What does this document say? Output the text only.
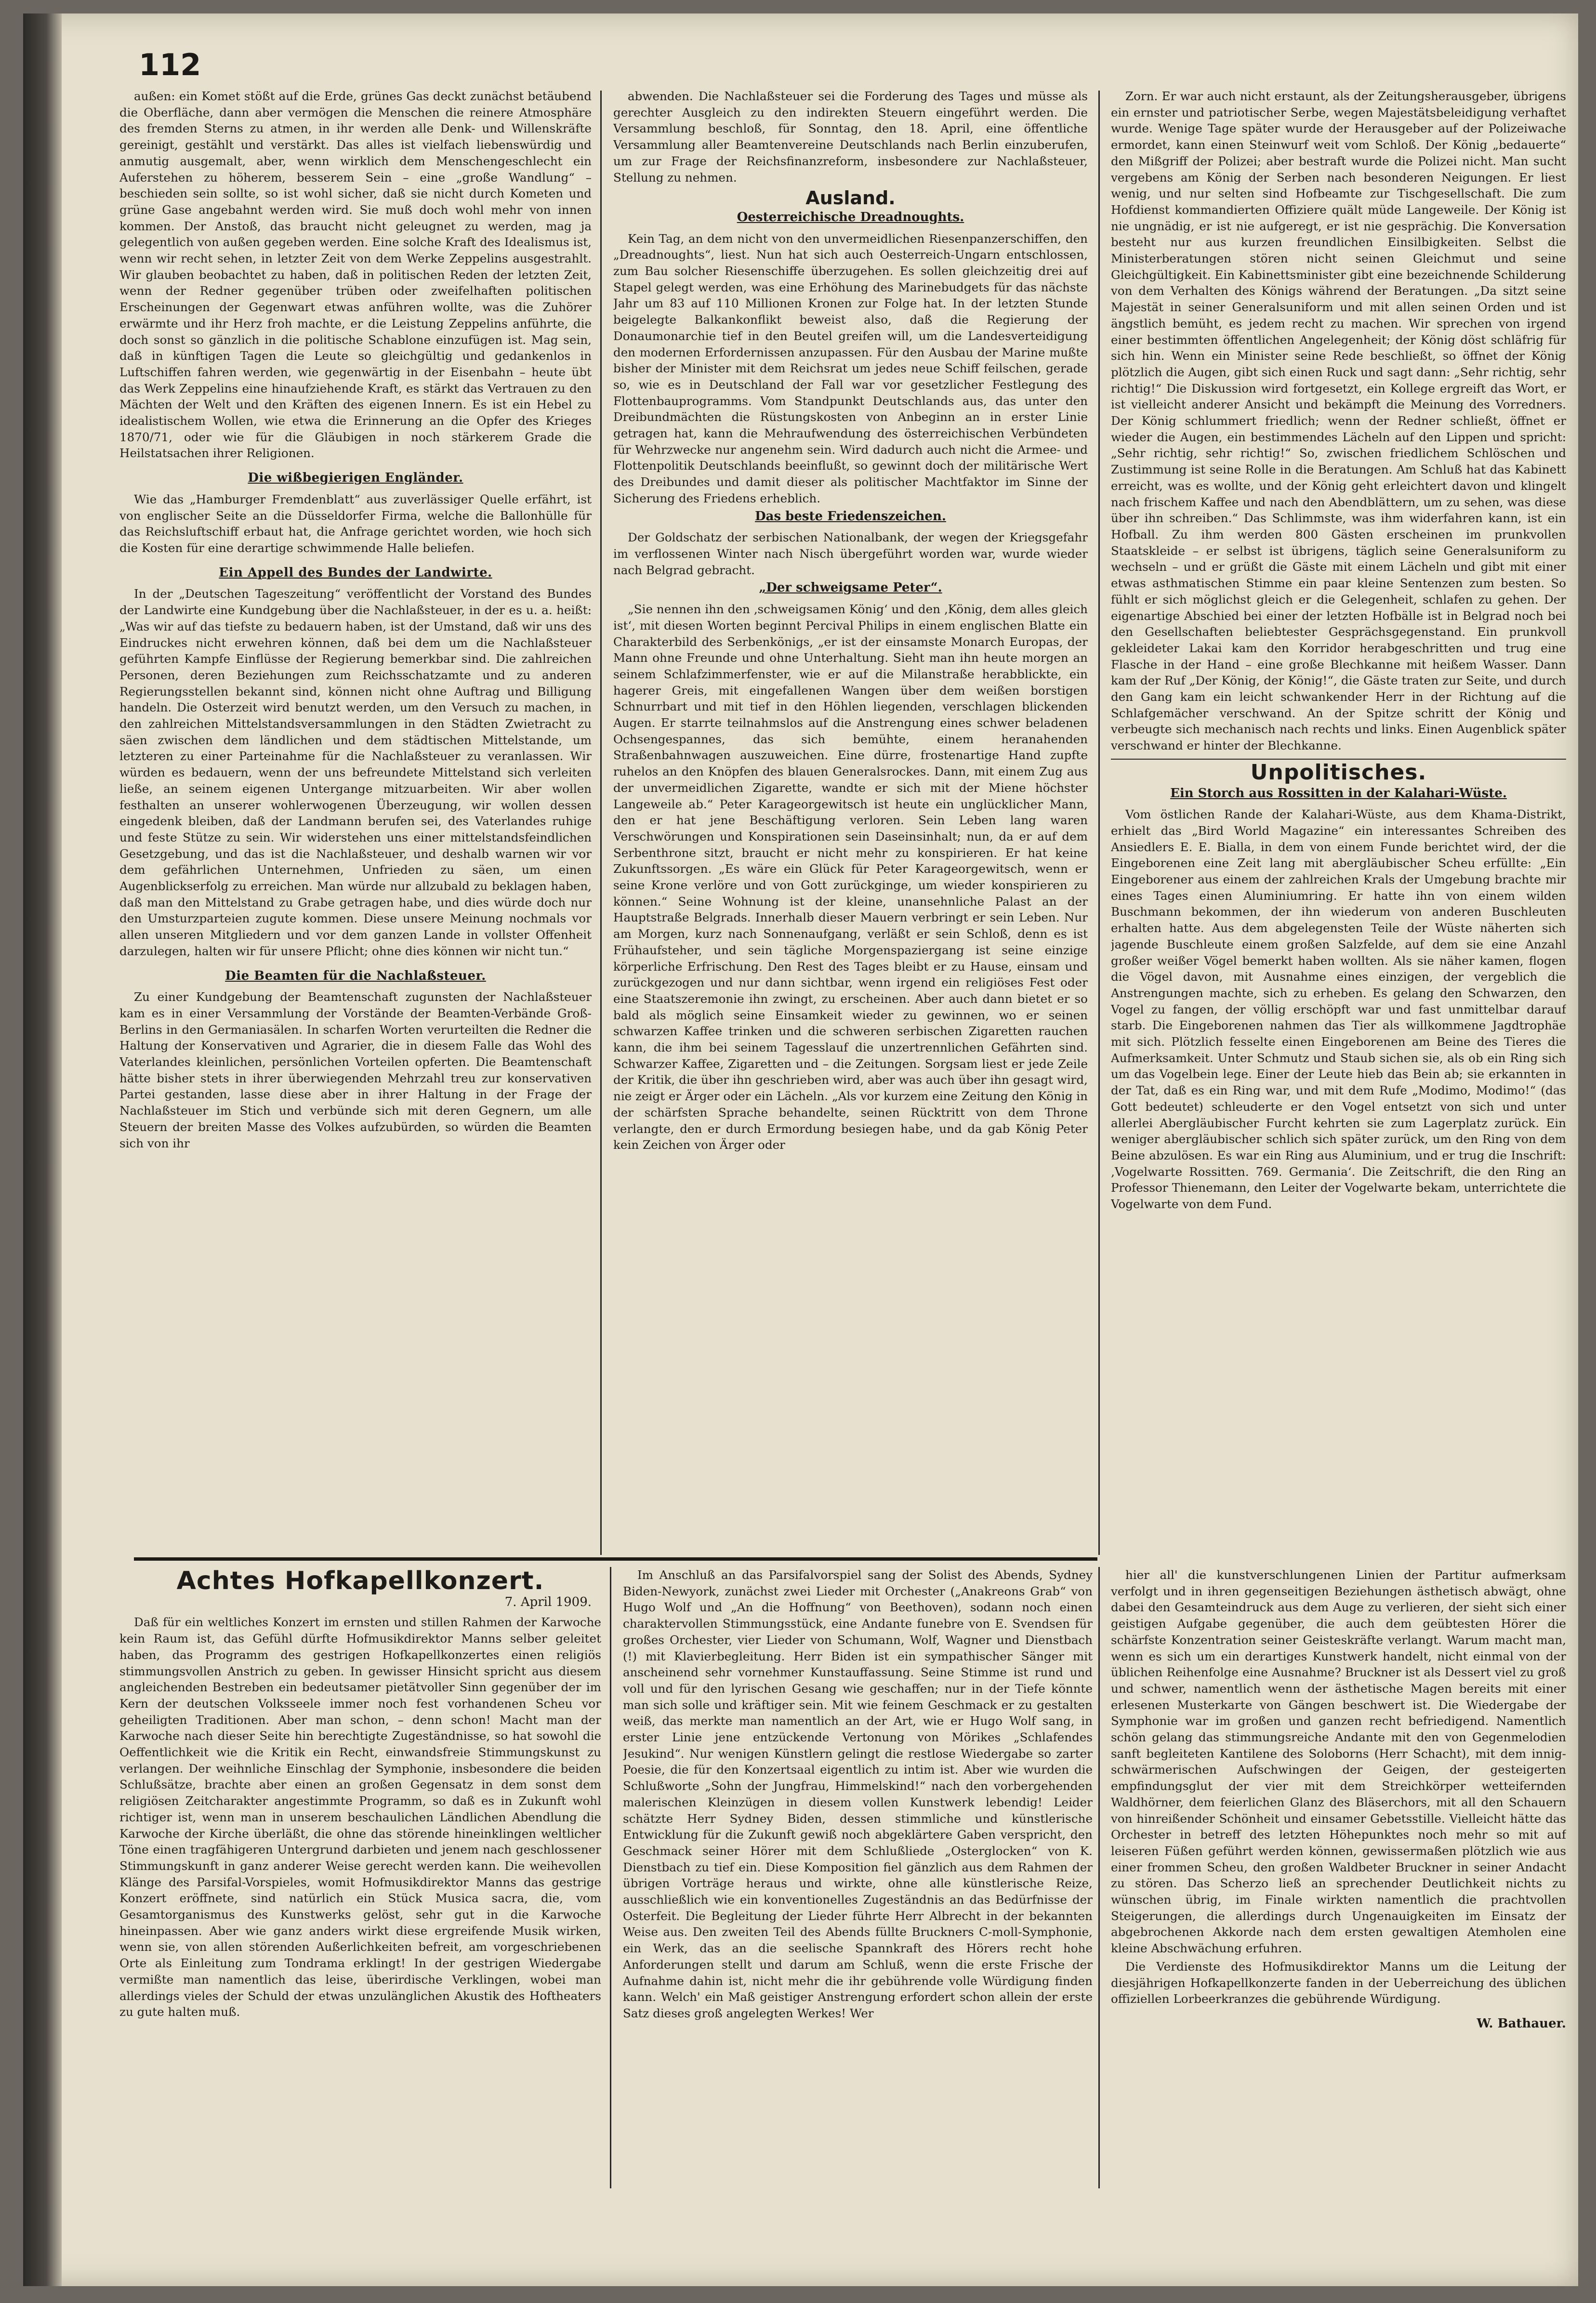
112

außen: ein Komet stößt auf die Erde, grünes Gas deckt zunächst betäubend die Oberfläche, dann aber vermögen die Menschen die reinere Atmosphäre des fremden Sterns zu atmen, in ihr werden alle Denk- und Willenskräfte gereinigt, gestählt und verstärkt. Das alles ist vielfach liebenswürdig und anmutig ausgemalt, aber, wenn wirklich dem Menschengeschlecht ein Auferstehen zu höherem, besserem Sein – eine „große Wandlung“ – beschieden sein sollte, so ist wohl sicher, daß sie nicht durch Kometen und grüne Gase angebahnt werden wird. Sie muß doch wohl mehr von innen kommen. Der Anstoß, das braucht nicht geleugnet zu werden, mag ja gelegentlich von außen gegeben werden. Eine solche Kraft des Idealismus ist, wenn wir recht sehen, in letzter Zeit von dem Werke Zeppelins ausgestrahlt. Wir glauben beobachtet zu haben, daß in politischen Reden der letzten Zeit, wenn der Redner gegenüber trüben oder zweifelhaften politischen Erscheinungen der Gegenwart etwas anführen wollte, was die Zuhörer erwärmte und ihr Herz froh machte, er die Leistung Zeppelins anführte, die doch sonst so gänzlich in die politische Schablone einzufügen ist. Mag sein, daß in künftigen Tagen die Leute so gleichgültig und gedankenlos in Luftschiffen fahren werden, wie gegenwärtig in der Eisenbahn – heute übt das Werk Zeppelins eine hinaufziehende Kraft, es stärkt das Vertrauen zu den Mächten der Welt und den Kräften des eigenen Innern. Es ist ein Hebel zu idealistischem Wollen, wie etwa die Erinnerung an die Opfer des Krieges 1870/71, oder wie für die Gläubigen in noch stärkerem Grade die Heilstatsachen ihrer Religionen.

Die wißbegierigen Engländer.

Wie das „Hamburger Fremdenblatt“ aus zuverlässiger Quelle erfährt, ist von englischer Seite an die Düsseldorfer Firma, welche die Ballonhülle für das Reichsluftschiff erbaut hat, die Anfrage gerichtet worden, wie hoch sich die Kosten für eine derartige schwimmende Halle beliefen.

Ein Appell des Bundes der Landwirte.

In der „Deutschen Tageszeitung“ veröffentlicht der Vorstand des Bundes der Landwirte eine Kundgebung über die Nachlaßsteuer, in der es u. a. heißt: „Was wir auf das tiefste zu bedauern haben, ist der Umstand, daß wir uns des Eindruckes nicht erwehren können, daß bei dem um die Nachlaßsteuer geführten Kampfe Einflüsse der Regierung bemerkbar sind. Die zahlreichen Personen, deren Beziehungen zum Reichsschatzamte und zu anderen Regierungsstellen bekannt sind, können nicht ohne Auftrag und Billigung handeln. Die Osterzeit wird benutzt werden, um den Versuch zu machen, in den zahlreichen Mittelstandsversammlungen in den Städten Zwietracht zu säen zwischen dem ländlichen und dem städtischen Mittelstande, um letzteren zu einer Parteinahme für die Nachlaßsteuer zu veranlassen. Wir würden es bedauern, wenn der uns befreundete Mittelstand sich verleiten ließe, an seinem eigenen Untergange mitzuarbeiten. Wir aber wollen festhalten an unserer wohlerwogenen Überzeugung, wir wollen dessen eingedenk bleiben, daß der Landmann berufen sei, des Vaterlandes ruhige und feste Stütze zu sein. Wir widerstehen uns einer mittelstandsfeindlichen Gesetzgebung, und das ist die Nachlaßsteuer, und deshalb warnen wir vor dem gefährlichen Unternehmen, Unfrieden zu säen, um einen Augenblickserfolg zu erreichen. Man würde nur allzubald zu beklagen haben, daß man den Mittelstand zu Grabe getragen habe, und dies würde doch nur den Umsturzparteien zugute kommen. Diese unsere Meinung nochmals vor allen unseren Mitgliedern und vor dem ganzen Lande in vollster Offenheit darzulegen, halten wir für unsere Pflicht; ohne dies können wir nicht tun.“

Die Beamten für die Nachlaßsteuer.

Zu einer Kundgebung der Beamtenschaft zugunsten der Nachlaßsteuer kam es in einer Versammlung der Vorstände der Beamten-Verbände Groß-Berlins in den Germaniasälen. In scharfen Worten verurteilten die Redner die Haltung der Konservativen und Agrarier, die in diesem Falle das Wohl des Vaterlandes kleinlichen, persönlichen Vorteilen opferten. Die Beamtenschaft hätte bisher stets in ihrer überwiegenden Mehrzahl treu zur konservativen Partei gestanden, lasse diese aber in ihrer Haltung in der Frage der Nachlaßsteuer im Stich und verbünde sich mit deren Gegnern, um alle Steuern der breiten Masse des Volkes aufzubürden, so würden die Beamten sich von ihr

abwenden. Die Nachlaßsteuer sei die Forderung des Tages und müsse als gerechter Ausgleich zu den indirekten Steuern eingeführt werden. Die Versammlung beschloß, für Sonntag, den 18. April, eine öffentliche Versammlung aller Beamtenvereine Deutschlands nach Berlin einzuberufen, um zur Frage der Reichsfinanzreform, insbesondere zur Nachlaßsteuer, Stellung zu nehmen.

Ausland.
Oesterreichische Dreadnoughts.

Kein Tag, an dem nicht von den unvermeidlichen Riesenpanzerschiffen, den „Dreadnoughts“, liest. Nun hat sich auch Oesterreich-Ungarn entschlossen, zum Bau solcher Riesenschiffe überzugehen. Es sollen gleichzeitig drei auf Stapel gelegt werden, was eine Erhöhung des Marinebudgets für das nächste Jahr um 83 auf 110 Millionen Kronen zur Folge hat. In der letzten Stunde beigelegte Balkankonflikt beweist also, daß die Regierung der Donaumonarchie tief in den Beutel greifen will, um die Landesverteidigung den modernen Erfordernissen anzupassen. Für den Ausbau der Marine mußte bisher der Minister mit dem Reichsrat um jedes neue Schiff feilschen, gerade so, wie es in Deutschland der Fall war vor gesetzlicher Festlegung des Flottenbauprogramms. Vom Standpunkt Deutschlands aus, das unter den Dreibundmächten die Rüstungskosten von Anbeginn an in erster Linie getragen hat, kann die Mehraufwendung des österreichischen Verbündeten für Wehrzwecke nur angenehm sein. Wird dadurch auch nicht die Armee- und Flottenpolitik Deutschlands beeinflußt, so gewinnt doch der militärische Wert des Dreibundes und damit dieser als politischer Machtfaktor im Sinne der Sicherung des Friedens erheblich.

Das beste Friedenszeichen.

Der Goldschatz der serbischen Nationalbank, der wegen der Kriegsgefahr im verflossenen Winter nach Nisch übergeführt worden war, wurde wieder nach Belgrad gebracht.

„Der schweigsame Peter“.

„Sie nennen ihn den ‚schweigsamen König‘ und den ‚König, dem alles gleich ist‘, mit diesen Worten beginnt Percival Philips in einem englischen Blatte ein Charakterbild des Serbenkönigs, „er ist der einsamste Monarch Europas, der Mann ohne Freunde und ohne Unterhaltung. Sieht man ihn heute morgen an seinem Schlafzimmerfenster, wie er auf die Milanstraße herabblickte, ein hagerer Greis, mit eingefallenen Wangen über dem weißen borstigen Schnurrbart und mit tief in den Höhlen liegenden, verschlagen blickenden Augen. Er starrte teilnahmslos auf die Anstrengung eines schwer beladenen Ochsengespannes, das sich bemühte, einem heranahenden Straßenbahnwagen auszuweichen. Eine dürre, frostenartige Hand zupfte ruhelos an den Knöpfen des blauen Generalsrockes. Dann, mit einem Zug aus der unvermeidlichen Zigarette, wandte er sich mit der Miene höchster Langeweile ab.“ Peter Karageorgewitsch ist heute ein unglücklicher Mann, den er hat jene Beschäftigung verloren. Sein Leben lang waren Verschwörungen und Konspirationen sein Daseinsinhalt; nun, da er auf dem Serbenthrone sitzt, braucht er nicht mehr zu konspirieren. Er hat keine Zukunftssorgen. „Es wäre ein Glück für Peter Karageorgewitsch, wenn er seine Krone verlöre und von Gott zurückginge, um wieder konspirieren zu können.“ Seine Wohnung ist der kleine, unansehnliche Palast an der Hauptstraße Belgrads. Innerhalb dieser Mauern verbringt er sein Leben. Nur am Morgen, kurz nach Sonnenaufgang, verläßt er sein Schloß, denn es ist Frühaufsteher, und sein tägliche Morgenspaziergang ist seine einzige körperliche Erfrischung. Den Rest des Tages bleibt er zu Hause, einsam und zurückgezogen und nur dann sichtbar, wenn irgend ein religiöses Fest oder eine Staatszeremonie ihn zwingt, zu erscheinen. Aber auch dann bietet er so bald als möglich seine Einsamkeit wieder zu gewinnen, wo er seinen schwarzen Kaffee trinken und die schweren serbischen Zigaretten rauchen kann, die ihm bei seinem Tagesslauf die unzertrennlichen Gefährten sind. Schwarzer Kaffee, Zigaretten und – die Zeitungen. Sorgsam liest er jede Zeile der Kritik, die über ihn geschrieben wird, aber was auch über ihn gesagt wird, nie zeigt er Ärger oder ein Lächeln. „Als vor kurzem eine Zeitung den König in der schärfsten Sprache behandelte, seinen Rücktritt von dem Throne verlangte, den er durch Ermordung besiegen habe, und da gab König Peter kein Zeichen von Ärger oder

Zorn. Er war auch nicht erstaunt, als der Zeitungsherausgeber, übrigens ein ernster und patriotischer Serbe, wegen Majestätsbeleidigung verhaftet wurde. Wenige Tage später wurde der Herausgeber auf der Polizeiwache ermordet, kann einen Steinwurf weit vom Schloß. Der König „bedauerte“ den Mißgriff der Polizei; aber bestraft wurde die Polizei nicht. Man sucht vergebens am König der Serben nach besonderen Neigungen. Er liest wenig, und nur selten sind Hofbeamte zur Tischgesellschaft. Die zum Hofdienst kommandierten Offiziere quält müde Langeweile. Der König ist nie ungnädig, er ist nie aufgeregt, er ist nie gesprächig. Die Konversation besteht nur aus kurzen freundlichen Einsilbigkeiten. Selbst die Ministerberatungen stören nicht seinen Gleichmut und seine Gleichgültigkeit. Ein Kabinettsminister gibt eine bezeichnende Schilderung von dem Verhalten des Königs während der Beratungen. „Da sitzt seine Majestät in seiner Generalsuniform und mit allen seinen Orden und ist ängstlich bemüht, es jedem recht zu machen. Wir sprechen von irgend einer bestimmten öffentlichen Angelegenheit; der König döst schläfrig für sich hin. Wenn ein Minister seine Rede beschließt, so öffnet der König plötzlich die Augen, gibt sich einen Ruck und sagt dann: „Sehr richtig, sehr richtig!“ Die Diskussion wird fortgesetzt, ein Kollege ergreift das Wort, er ist vielleicht anderer Ansicht und bekämpft die Meinung des Vorredners. Der König schlummert friedlich; wenn der Redner schließt, öffnet er wieder die Augen, ein bestimmendes Lächeln auf den Lippen und spricht: „Sehr richtig, sehr richtig!“ So, zwischen friedlichem Schlöschen und Zustimmung ist seine Rolle in die Beratungen. Am Schluß hat das Kabinett erreicht, was es wollte, und der König geht erleichtert davon und klingelt nach frischem Kaffee und nach den Abendblättern, um zu sehen, was diese über ihn schreiben.“ Das Schlimmste, was ihm widerfahren kann, ist ein Hofball. Zu ihm werden 800 Gästen erscheinen im prunkvollen Staatskleide – er selbst ist übrigens, täglich seine Generalsuniform zu wechseln – und er grüßt die Gäste mit einem Lächeln und gibt mit einer etwas asthmatischen Stimme ein paar kleine Sentenzen zum besten. So fühlt er sich möglichst gleich er die Gelegenheit, schlafen zu gehen. Der eigenartige Abschied bei einer der letzten Hofbälle ist in Belgrad noch bei den Gesellschaften beliebtester Gesprächsgegenstand. Ein prunkvoll gekleideter Lakai kam den Korridor herabgeschritten und trug eine Flasche in der Hand – eine große Blechkanne mit heißem Wasser. Dann kam der Ruf „Der König, der König!“, die Gäste traten zur Seite, und durch den Gang kam ein leicht schwankender Herr in der Richtung auf die Schlafgemächer verschwand. An der Spitze schritt der König und verbeugte sich mechanisch nach rechts und links. Einen Augenblick später verschwand er hinter der Blechkanne.

Unpolitisches.
Ein Storch aus Rossitten in der Kalahari-Wüste.

Vom östlichen Rande der Kalahari-Wüste, aus dem Khama-Distrikt, erhielt das „Bird World Magazine“ ein interessantes Schreiben des Ansiedlers E. E. Bialla, in dem von einem Funde berichtet wird, der die Eingeborenen eine Zeit lang mit abergläubischer Scheu erfüllte: „Ein Eingeborener aus einem der zahlreichen Krals der Umgebung brachte mir eines Tages einen Aluminiumring. Er hatte ihn von einem wilden Buschmann bekommen, der ihn wiederum von anderen Buschleuten erhalten hatte. Aus dem abgelegensten Teile der Wüste näherten sich jagende Buschleute einem großen Salzfelde, auf dem sie eine Anzahl großer weißer Vögel bemerkt haben wollten. Als sie näher kamen, flogen die Vögel davon, mit Ausnahme eines einzigen, der vergeblich die Anstrengungen machte, sich zu erheben. Es gelang den Schwarzen, den Vogel zu fangen, der völlig erschöpft war und fast unmittelbar darauf starb. Die Eingeborenen nahmen das Tier als willkommene Jagdtrophäe mit sich. Plötzlich fesselte einen Eingeborenen am Beine des Tieres die Aufmerksamkeit. Unter Schmutz und Staub sichen sie, als ob ein Ring sich um das Vogelbein lege. Einer der Leute hieb das Bein ab; sie erkannten in der Tat, daß es ein Ring war, und mit dem Rufe „Modimo, Modimo!“ (das Gott bedeutet) schleuderte er den Vogel entsetzt von sich und unter allerlei Abergläubischer Furcht kehrten sie zum Lagerplatz zurück. Ein weniger abergläubischer schlich sich später zurück, um den Ring von dem Beine abzulösen. Es war ein Ring aus Aluminium, und er trug die Inschrift: ‚Vogelwarte Rossitten. 769. Germania‘. Die Zeitschrift, die den Ring an Professor Thienemann, den Leiter der Vogelwarte bekam, unterrichtete die Vogelwarte von dem Fund.

Achtes Hofkapellkonzert.
7. April 1909.

Daß für ein weltliches Konzert im ernsten und stillen Rahmen der Karwoche kein Raum ist, das Gefühl dürfte Hofmusikdirektor Manns selber geleitet haben, das Programm des gestrigen Hofkapellkonzertes einen religiös stimmungsvollen Anstrich zu geben. In gewisser Hinsicht spricht aus diesem angleichenden Bestreben ein bedeutsamer pietätvoller Sinn gegenüber der im Kern der deutschen Volksseele immer noch fest vorhandenen Scheu vor geheiligten Traditionen. Aber man schon, – denn schon! Macht man der Karwoche nach dieser Seite hin berechtigte Zugeständnisse, so hat sowohl die Oeffentlichkeit wie die Kritik ein Recht, einwandsfreie Stimmungskunst zu verlangen. Der weihnliche Einschlag der Symphonie, insbesondere die beiden Schlußsätze, brachte aber einen an großen Gegensatz in dem sonst dem religiösen Zeitcharakter angestimmte Programm, so daß es in Zukunft wohl richtiger ist, wenn man in unserem beschaulichen Ländlichen Abendlung die Karwoche der Kirche überläßt, die ohne das störende hineinklingen weltlicher Töne einen tragfähigeren Untergrund darbieten und jenem nach geschlossener Stimmungskunft in ganz anderer Weise gerecht werden kann. Die weihevollen Klänge des Parsifal-Vorspieles, womit Hofmusikdirektor Manns das gestrige Konzert eröffnete, sind natürlich ein Stück Musica sacra, die, vom Gesamtorganismus des Kunstwerks gelöst, sehr gut in die Karwoche hineinpassen. Aber wie ganz anders wirkt diese ergreifende Musik wirken, wenn sie, von allen störenden Außerlichkeiten befreit, am vorgeschriebenen Orte als Einleitung zum Tondrama erklingt! In der gestrigen Wiedergabe vermißte man namentlich das leise, überirdische Verklingen, wobei man allerdings vieles der Schuld der etwas unzulänglichen Akustik des Hoftheaters zu gute halten muß.

Im Anschluß an das Parsifalvorspiel sang der Solist des Abends, Sydney Biden-Newyork, zunächst zwei Lieder mit Orchester („Anakreons Grab“ von Hugo Wolf und „An die Hoffnung“ von Beethoven), sodann noch einen charaktervollen Stimmungsstück, eine Andante funebre von E. Svendsen für großes Orchester, vier Lieder von Schumann, Wolf, Wagner und Dienstbach (!) mit Klavierbegleitung. Herr Biden ist ein sympathischer Sänger mit anscheinend sehr vornehmer Kunstauffassung. Seine Stimme ist rund und voll und für den lyrischen Gesang wie geschaffen; nur in der Tiefe könnte man sich solle und kräftiger sein. Mit wie feinem Geschmack er zu gestalten weiß, das merkte man namentlich an der Art, wie er Hugo Wolf sang, in erster Linie jene entzückende Vertonung von Mörikes „Schlafendes Jesukind“. Nur wenigen Künstlern gelingt die restlose Wiedergabe so zarter Poesie, die für den Konzertsaal eigentlich zu intim ist. Aber wie wurden die Schlußworte „Sohn der Jungfrau, Himmelskind!“ nach den vorbergehenden malerischen Kleinzügen in diesem vollen Kunstwerk lebendig! Leider schätzte Herr Sydney Biden, dessen stimmliche und künstlerische Entwicklung für die Zukunft gewiß noch abgeklärtere Gaben verspricht, den Geschmack seiner Hörer mit dem Schlußliede „Osterglocken“ von K. Dienstbach zu tief ein. Diese Komposition fiel gänzlich aus dem Rahmen der übrigen Vorträge heraus und wirkte, ohne alle künstlerische Reize, ausschließlich wie ein konventionelles Zugeständnis an das Bedürfnisse der Osterfeit. Die Begleitung der Lieder führte Herr Albrecht in der bekannten Weise aus. Den zweiten Teil des Abends füllte Bruckners C-moll-Symphonie, ein Werk, das an die seelische Spannkraft des Hörers recht hohe Anforderungen stellt und darum am Schluß, wenn die erste Frische der Aufnahme dahin ist, nicht mehr die ihr gebührende volle Würdigung finden kann. Welch' ein Maß geistiger Anstrengung erfordert schon allein der erste Satz dieses groß angelegten Werkes! Wer

hier all' die kunstverschlungenen Linien der Partitur aufmerksam verfolgt und in ihren gegenseitigen Beziehungen ästhetisch abwägt, ohne dabei den Gesamteindruck aus dem Auge zu verlieren, der sieht sich einer geistigen Aufgabe gegenüber, die auch dem geübtesten Hörer die schärfste Konzentration seiner Geisteskräfte verlangt. Warum macht man, wenn es sich um ein derartiges Kunstwerk handelt, nicht einmal von der üblichen Reihenfolge eine Ausnahme? Bruckner ist als Dessert viel zu groß und schwer, namentlich wenn der ästhetische Magen bereits mit einer erlesenen Musterkarte von Gängen beschwert ist. Die Wiedergabe der Symphonie war im großen und ganzen recht befriedigend. Namentlich schön gelang das stimmungsreiche Andante mit den von Gegenmelodien sanft begleiteten Kantilene des Soloborns (Herr Schacht), mit dem innig-schwärmerischen Aufschwingen der Geigen, der gesteigerten empfindungsglut der vier mit dem Streichkörper wetteifernden Waldhörner, dem feierlichen Glanz des Bläserchors, mit all den Schauern von hinreißender Schönheit und einsamer Gebetsstille. Vielleicht hätte das Orchester in betreff des letzten Höhepunktes noch mehr so mit auf leiseren Füßen geführt werden können, gewissermaßen plötzlich wie aus einer frommen Scheu, den großen Waldbeter Bruckner in seiner Andacht zu stören. Das Scherzo ließ an sprechender Deutlichkeit nichts zu wünschen übrig, im Finale wirkten namentlich die prachtvollen Steigerungen, die allerdings durch Ungenauigkeiten im Einsatz der abgebrochenen Akkorde nach dem ersten gewaltigen Atemholen eine kleine Abschwächung erfuhren.

Die Verdienste des Hofmusikdirektor Manns um die Leitung der diesjährigen Hofkapellkonzerte fanden in der Ueberreichung des üblichen offiziellen Lorbeerkranzes die gebührende Würdigung.

W. Bathauer.
